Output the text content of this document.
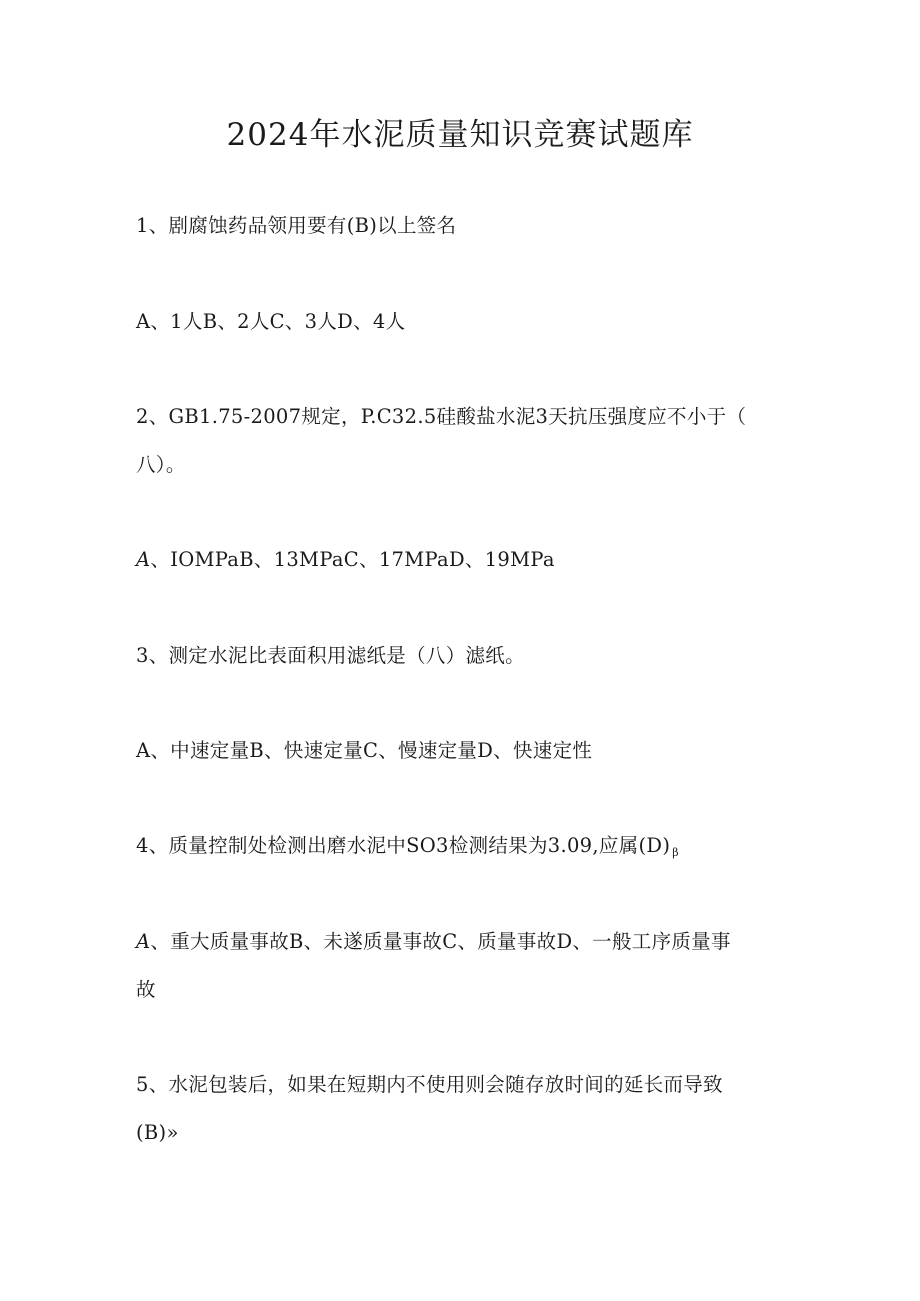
2024年水泥质量知识竞赛试题库
1、剧腐蚀药品领用要有(B)以上签名
A、1人B、2人C、3人D、4人
2、GB1.75-2007规定，P.C32.5硅酸盐水泥3天抗压强度应不小于（
八）。
A、IOMPaB、13MPaC、17MPaD、19MPa
3、测定水泥比表面积用滤纸是（八）滤纸。
A、中速定量B、快速定量C、慢速定量D、快速定性
4、质量控制处检测出磨水泥中SO3检测结果为3.09,应属(D) $_\beta$
A、重大质量事故B、未遂质量事故C、质量事故D、一般工序质量事
故
5、水泥包装后，如果在短期内不使用则会随存放时间的延长而导致
(B)»
